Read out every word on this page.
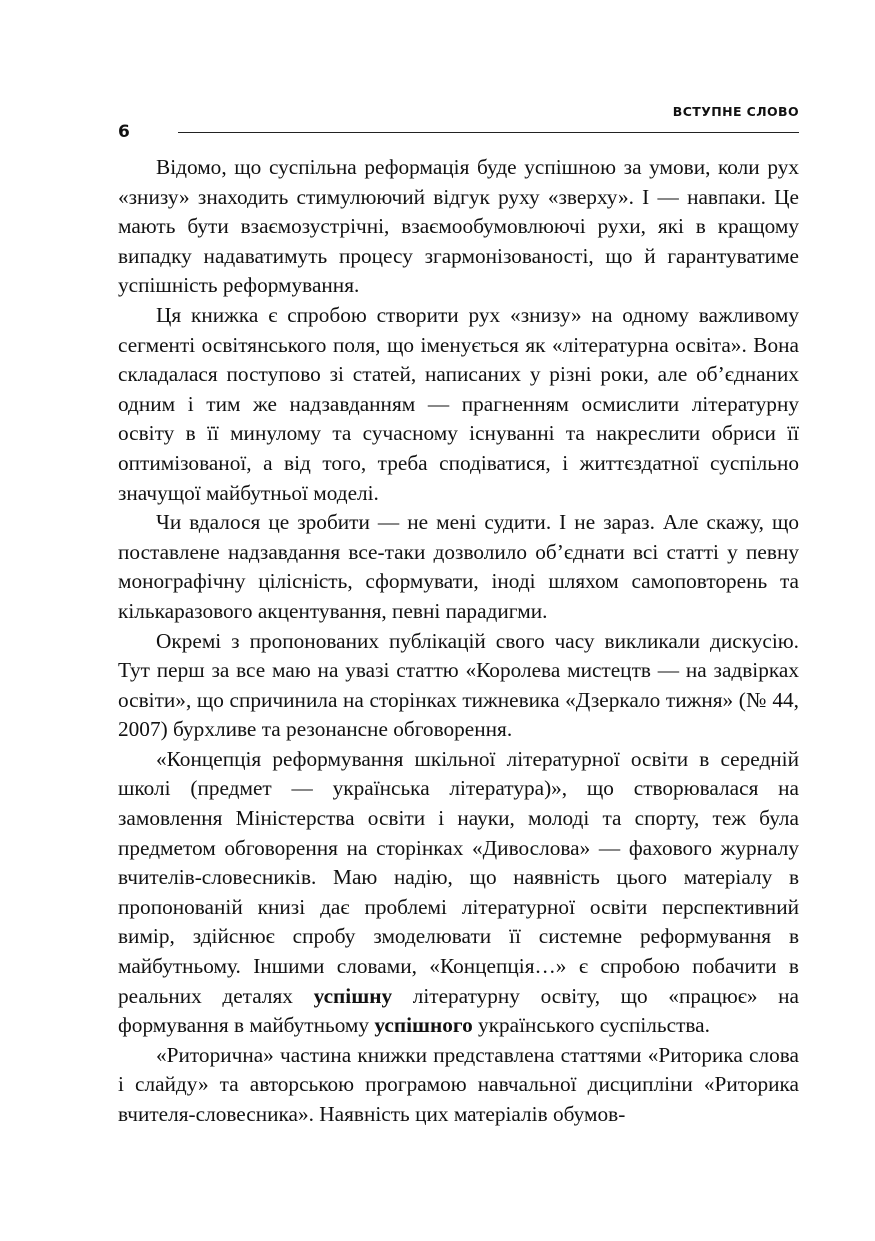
ВСТУПНЕ СЛОВО
6

Відомо, що суспільна реформація буде успішною за умови, коли рух «знизу» знаходить стимулюючий відгук руху «зверху». І — навпаки. Це мають бути взаємозустрічні, взаємообумовлюючі рухи, які в кращому випадку надаватимуть процесу згармонізованості, що й гарантуватиме успішність реформування.

Ця книжка є спробою створити рух «знизу» на одному важливому сегменті освітянського поля, що іменується як «літературна освіта». Вона складалася поступово зі статей, написаних у різні роки, але об’єднаних одним і тим же надзавданням — прагненням осмислити літературну освіту в її минулому та сучасному існуванні та накреслити обриси її оптимізованої, а від того, треба сподіватися, і життєздатної суспільно значущої майбутньої моделі.

Чи вдалося це зробити — не мені судити. І не зараз. Але скажу, що поставлене надзавдання все-таки дозволило об’єднати всі статті у певну монографічну цілісність, сформувати, іноді шляхом самоповторень та кількаразового акцентування, певні парадигми.

Окремі з пропонованих публікацій свого часу викликали дискусію. Тут перш за все маю на увазі статтю «Королева мистецтв — на задвірках освіти», що спричинила на сторінках тижневика «Дзеркало тижня» (№ 44, 2007) бурхливе та резонансне обговорення.

«Концепція реформування шкільної літературної освіти в середній школі (предмет — українська література)», що створювалася на замовлення Міністерства освіти і науки, молоді та спорту, теж була предметом обговорення на сторінках «Дивослова» — фахового журналу вчителів-словесників. Маю надію, що наявність цього матеріалу в пропонованій книзі дає проблемі літературної освіти перспективний вимір, здійснює спробу змоделювати її системне реформування в майбутньому. Іншими словами, «Концепція…» є спробою побачити в реальних деталях успішну літературну освіту, що «працює» на формування в майбутньому успішного українського суспільства.

«Риторична» частина книжки представлена статтями «Риторика слова і слайду» та авторською програмою навчальної дисципліни «Риторика вчителя-словесника». Наявність цих матеріалів обумов-
